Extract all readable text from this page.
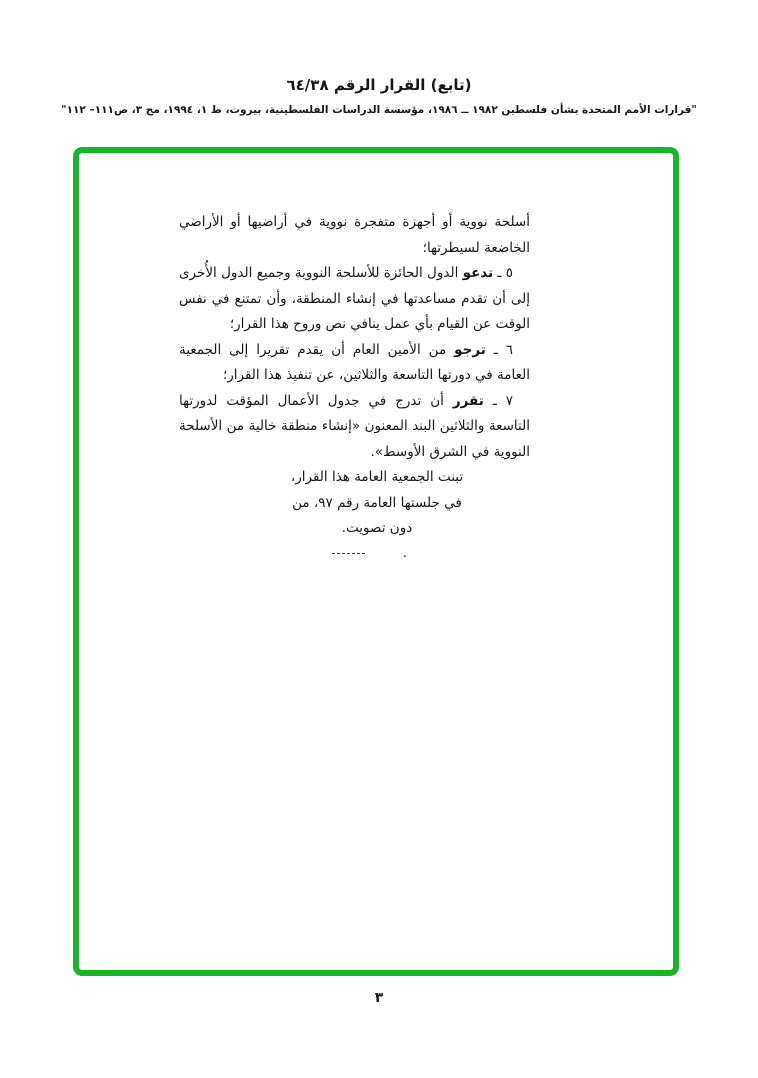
(تابع) القرار الرقم ٦٤/٣٨
"قرارات الأمم المتحدة بشأن فلسطين ١٩٨٢ ــ ١٩٨٦، مؤسسة الدراسات الفلسطينية، بيروت، ط ١، ١٩٩٤، مج ٣، ص١١١– ١١٢"

أسلحة نووية أو أجهزة متفجرة نووية في أراضيها أو الأراضي الخاضعة لسيطرتها؛

٥ ـ تدعو الدول الحائزة للأسلحة النووية وجميع الدول الأُخرى إلى أن تقدم مساعدتها في إنشاء المنطقة، وأن تمتنع في نفس الوقت عن القيام بأي عمل ينافي نص وروح هذا القرار؛

٦ ـ ترجو من الأمين العام أن يقدم تقريرا إلى الجمعية العامة في دورتها التاسعة والثلاثين، عن تنفيذ هذا القرار؛

٧ ـ تقرر أن تدرج في جدول الأعمال المؤقت لدورتها التاسعة والثلاثين البند المعنون «إنشاء منطقة خالية من الأسلحة النووية في الشرق الأوسط».

تبنت الجمعية العامة هذا القرار،
في جلستها العامة رقم ٩٧، من
دون تصويت.

.
٣
